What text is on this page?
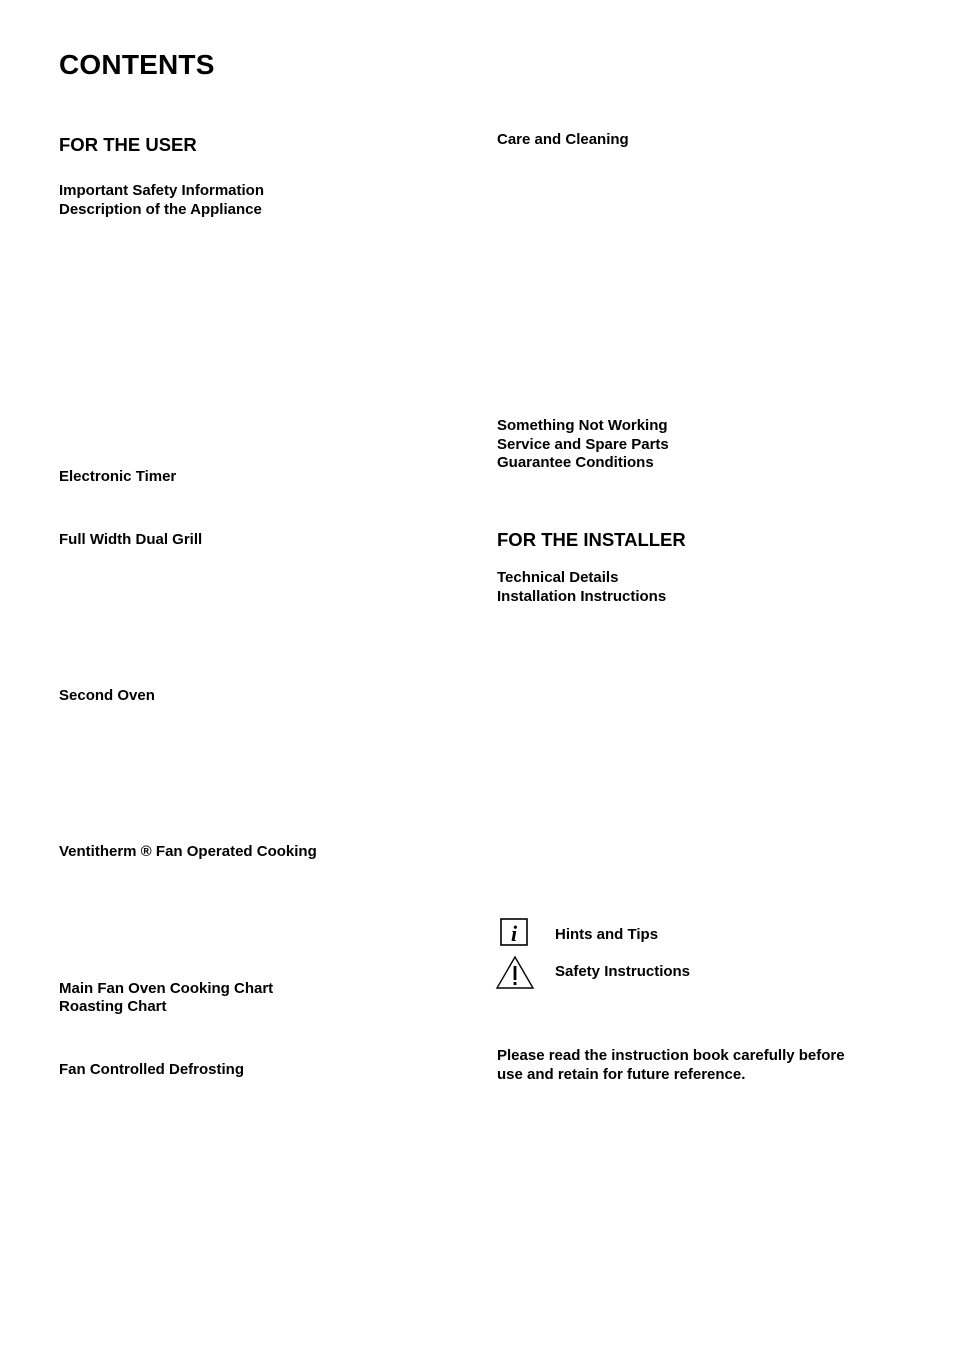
CONTENTS
FOR THE USER
Important Safety Information
Description of the Appliance
Electronic Timer
Full Width Dual Grill
Second Oven
Ventitherm ® Fan Operated Cooking
Main Fan Oven Cooking Chart
Roasting Chart
Fan Controlled Defrosting
Care and Cleaning
Something Not Working
Service and Spare Parts
Guarantee Conditions
FOR THE INSTALLER
Technical Details
Installation Instructions
i	Hints and Tips
Safety Instructions
Please read the instruction book carefully before
use and retain for future reference.
